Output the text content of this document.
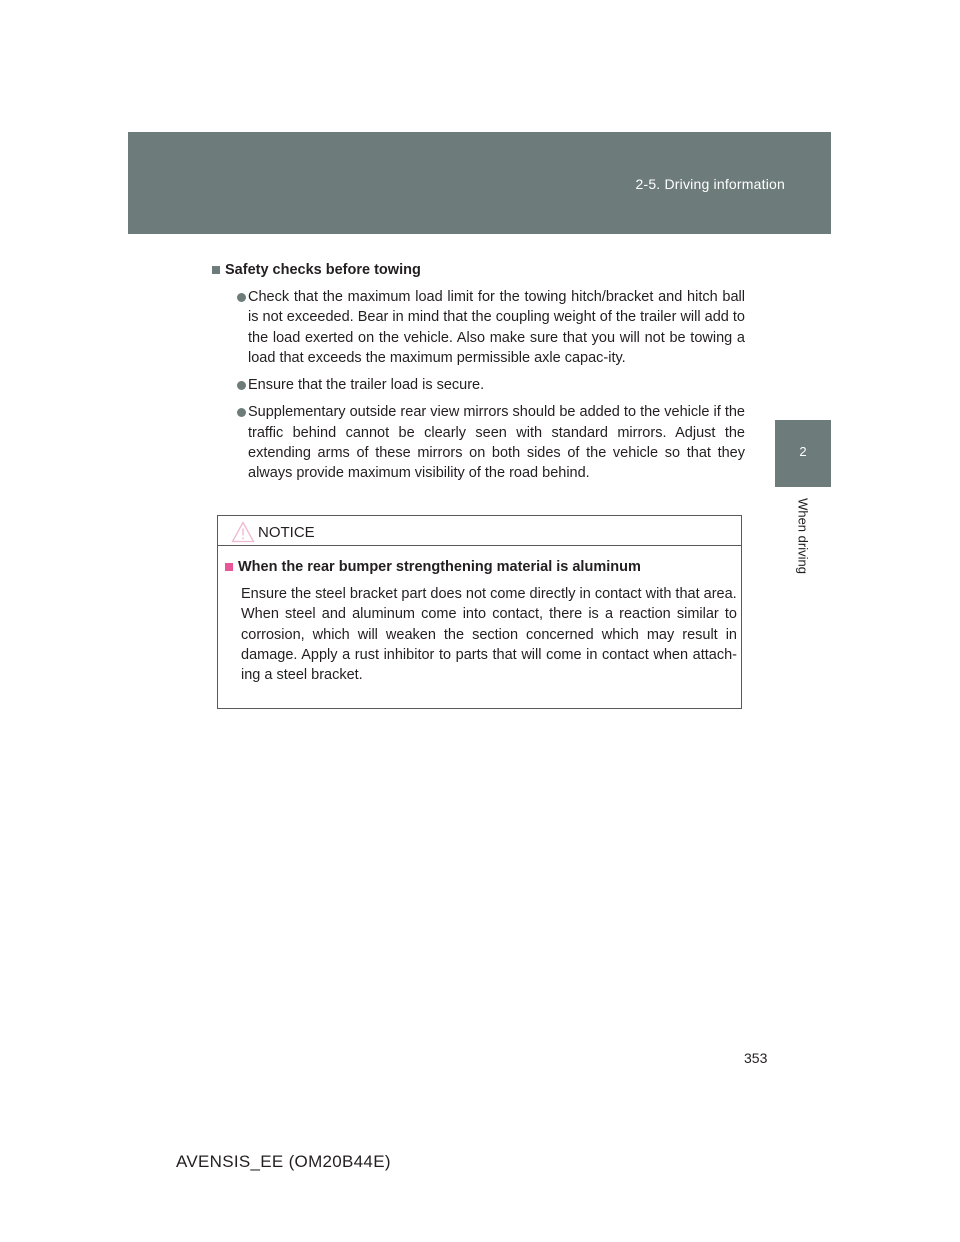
2-5. Driving information
2
When driving
Safety checks before towing
Check that the maximum load limit for the towing hitch/bracket and hitch ball is not exceeded. Bear in mind that the coupling weight of the trailer will add to the load exerted on the vehicle. Also make sure that you will not be towing a load that exceeds the maximum permissible axle capac-ity.
Ensure that the trailer load is secure.
Supplementary outside rear view mirrors should be added to the vehicle if the traffic behind cannot be clearly seen with standard mirrors. Adjust the extending arms of these mirrors on both sides of the vehicle so that they always provide maximum visibility of the road behind.
NOTICE
When the rear bumper strengthening material is aluminum

Ensure the steel bracket part does not come directly in contact with that area.

When steel and aluminum come into contact, there is a reaction similar to corrosion, which will weaken the section concerned which may result in damage. Apply a rust inhibitor to parts that will come in contact when attach-ing a steel bracket.

353
AVENSIS_EE (OM20B44E)
